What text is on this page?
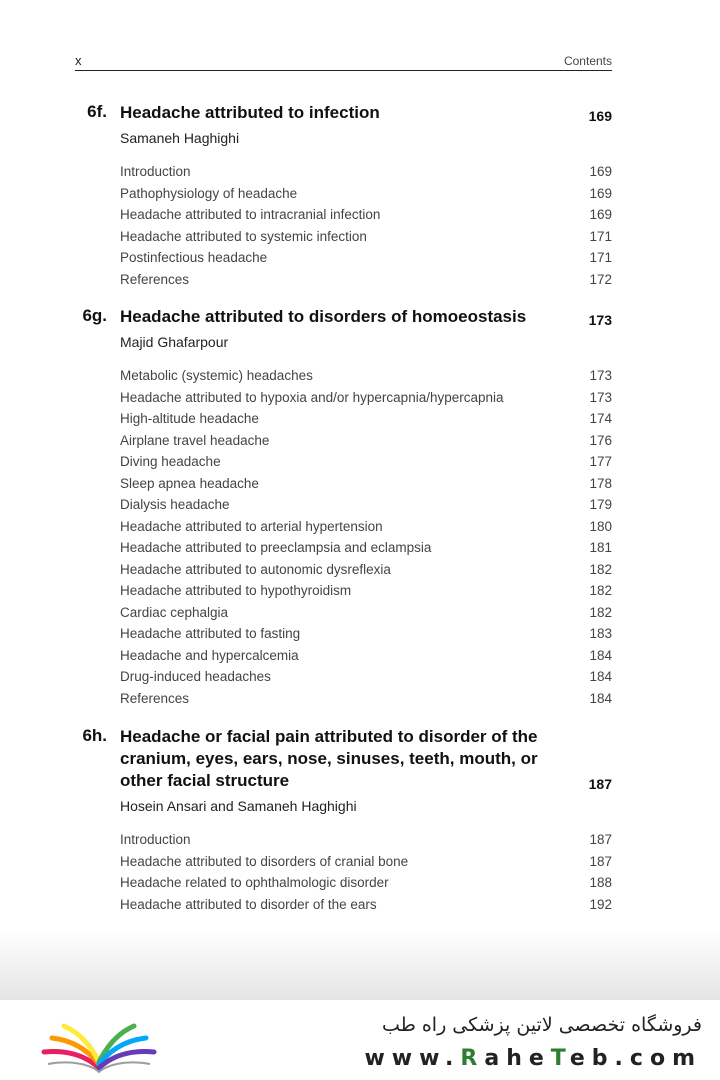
x	Contents
6f. Headache attributed to infection	169
Samaneh Haghighi
Introduction	169
Pathophysiology of headache	169
Headache attributed to intracranial infection	169
Headache attributed to systemic infection	171
Postinfectious headache	171
References	172
6g. Headache attributed to disorders of homoeostasis	173
Majid Ghafarpour
Metabolic (systemic) headaches	173
Headache attributed to hypoxia and/or hypercapnia/hypercapnia	173
High-altitude headache	174
Airplane travel headache	176
Diving headache	177
Sleep apnea headache	178
Dialysis headache	179
Headache attributed to arterial hypertension	180
Headache attributed to preeclampsia and eclampsia	181
Headache attributed to autonomic dysreflexia	182
Headache attributed to hypothyroidism	182
Cardiac cephalgia	182
Headache attributed to fasting	183
Headache and hypercalcemia	184
Drug-induced headaches	184
References	184
6h. Headache or facial pain attributed to disorder of the cranium, eyes, ears, nose, sinuses, teeth, mouth, or other facial structure	187
Hosein Ansari and Samaneh Haghighi
Introduction	187
Headache attributed to disorders of cranial bone	187
Headache related to ophthalmologic disorder	188
Headache attributed to disorder of the ears	192
فروشگاه تخصصی لاتین پزشکی راه طب
www.RaheTeb.com
